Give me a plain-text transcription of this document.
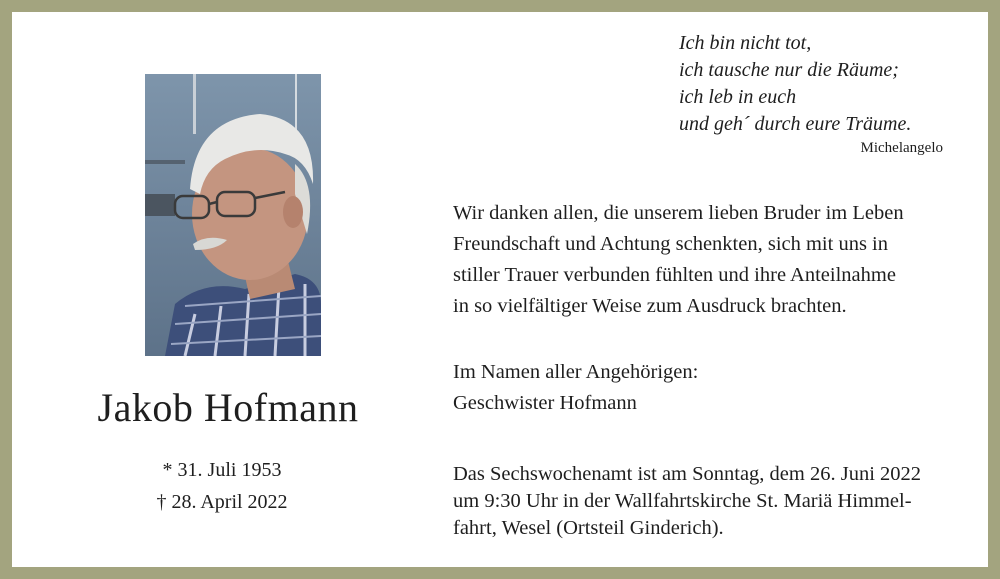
Jakob Hofmann
* 31. Juli 1953
† 28. April 2022
Ich bin nicht tot,
ich tausche nur die Räume;
ich leb in euch
und geh´ durch eure Träume.
Michelangelo
Wir danken allen, die unserem lieben Bruder im Leben
Freundschaft und Achtung schenkten, sich mit uns in
stiller Trauer verbunden fühlten und ihre Anteilnahme
in so vielfältiger Weise zum Ausdruck brachten.
Im Namen aller Angehörigen:
Geschwister Hofmann
Das Sechswochenamt ist am Sonntag, dem 26. Juni 2022
um 9:30 Uhr in der Wallfahrtskirche St. Mariä Himmel-
fahrt, Wesel (Ortsteil Ginderich).
